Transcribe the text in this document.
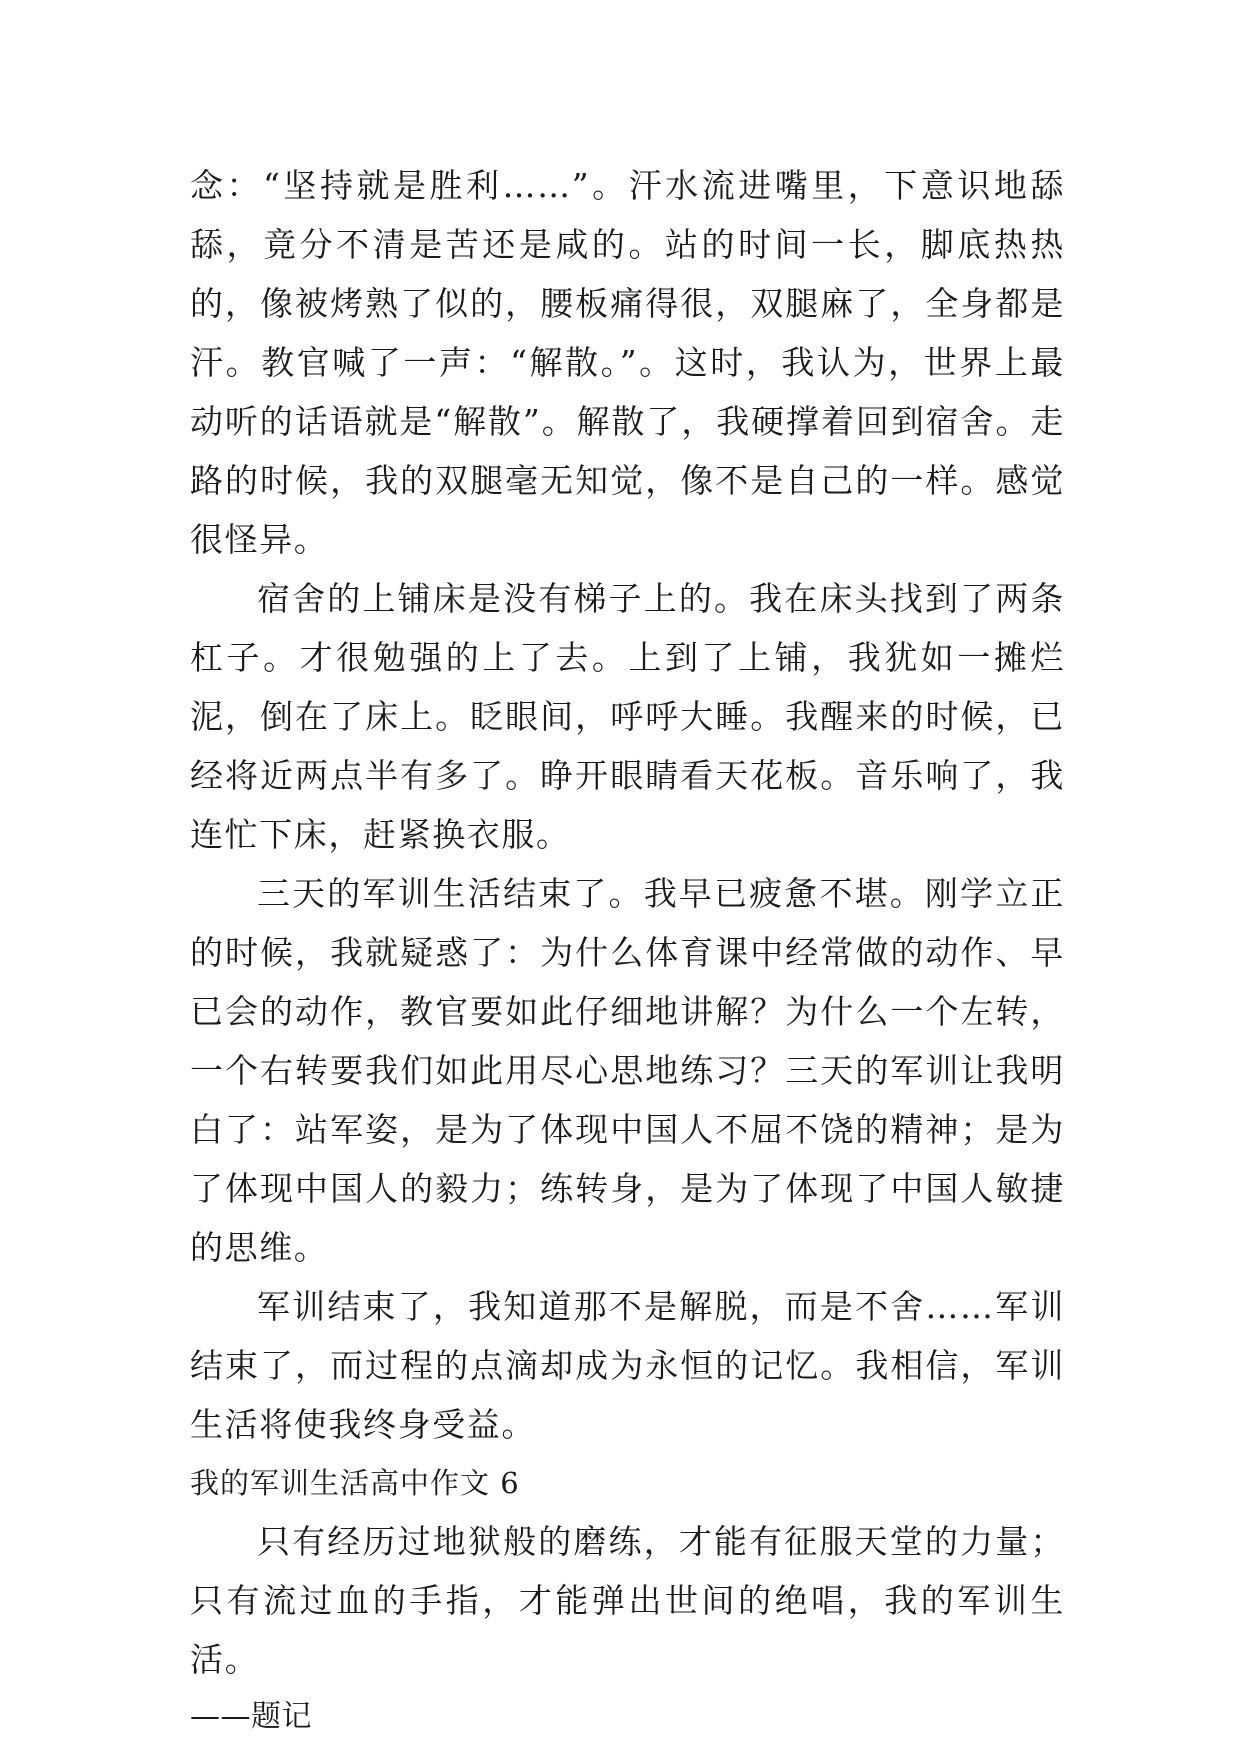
念：“坚持就是胜利……”。汗水流进嘴里，下意识地舔舔，竟分不清是苦还是咸的。站的时间一长，脚底热热的，像被烤熟了似的，腰板痛得很，双腿麻了，全身都是汗。教官喊了一声：“解散。”。这时，我认为，世界上最动听的话语就是“解散”。解散了，我硬撑着回到宿舍。走路的时候，我的双腿毫无知觉，像不是自己的一样。感觉很怪异。

宿舍的上铺床是没有梯子上的。我在床头找到了两条杠子。才很勉强的上了去。上到了上铺，我犹如一摊烂泥，倒在了床上。眨眼间，呼呼大睡。我醒来的时候，已经将近两点半有多了。睁开眼睛看天花板。音乐响了，我连忙下床，赶紧换衣服。

三天的军训生活结束了。我早已疲惫不堪。刚学立正的时候，我就疑惑了：为什么体育课中经常做的动作、早已会的动作，教官要如此仔细地讲解？为什么一个左转，一个右转要我们如此用尽心思地练习？三天的军训让我明白了：站军姿，是为了体现中国人不屈不饶的精神；是为了体现中国人的毅力；练转身，是为了体现了中国人敏捷的思维。

军训结束了，我知道那不是解脱，而是不舍……军训结束了，而过程的点滴却成为永恒的记忆。我相信，军训生活将使我终身受益。

我的军训生活高中作文 6

只有经历过地狱般的磨练，才能有征服天堂的力量；只有流过血的手指，才能弹出世间的绝唱，我的军训生活。

——题记
